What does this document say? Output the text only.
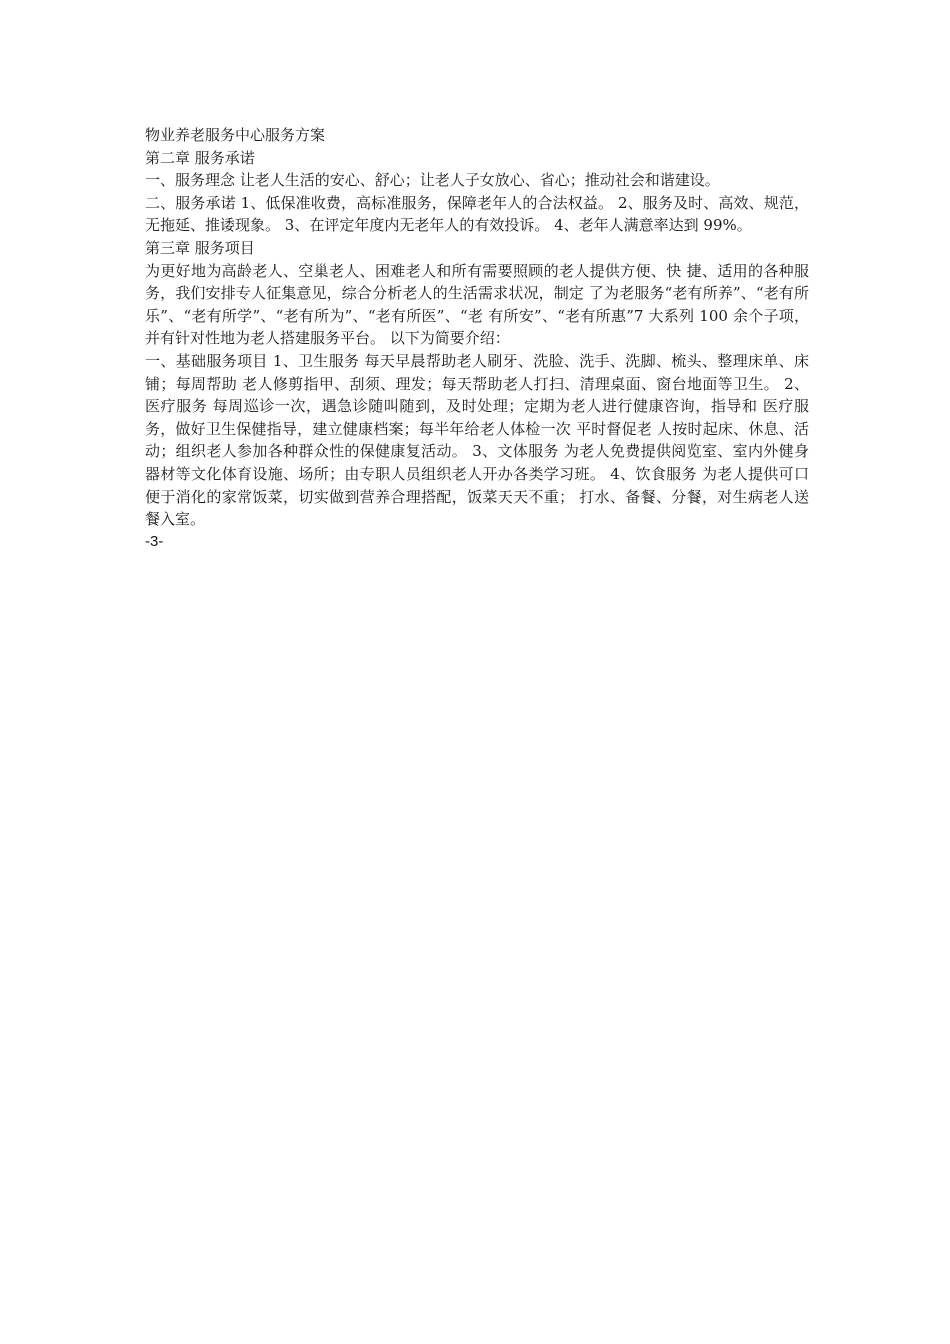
物业养老服务中心服务方案

第二章 服务承诺

一、服务理念 让老人生活的安心、舒心；让老人子女放心、省心；推动社会和谐建设。

二、服务承诺 1、低保准收费，高标准服务，保障老年人的合法权益。 2、服务及时、高效、规范，无拖延、推诿现象。 3、在评定年度内无老年人的有效投诉。 4、老年人满意率达到 99%。

第三章 服务项目

为更好地为高龄老人、空巢老人、困难老人和所有需要照顾的老人提供方便、快 捷、适用的各种服务，我们安排专人征集意见，综合分析老人的生活需求状况，制定 了为老服务“老有所养”、“老有所乐”、“老有所学”、“老有所为”、“老有所医”、“老 有所安”、“老有所惠”7 大系列 100 余个子项，并有针对性地为老人搭建服务平台。 以下为简要介绍：

一、基础服务项目 1、卫生服务 每天早晨帮助老人刷牙、洗脸、洗手、洗脚、梳头、整理床单、床铺；每周帮助 老人修剪指甲、刮须、理发；每天帮助老人打扫、清理桌面、窗台地面等卫生。 2、医疗服务 每周巡诊一次，遇急诊随叫随到，及时处理；定期为老人进行健康咨询，指导和 医疗服务，做好卫生保健指导，建立健康档案；每半年给老人体检一次 平时督促老 人按时起床、休息、活动；组织老人参加各种群众性的保健康复活动。 3、文体服务 为老人免费提供阅览室、室内外健身器材等文化体育设施、场所；由专职人员组织老人开办各类学习班。 4、饮食服务 为老人提供可口便于消化的家常饭菜，切实做到营养合理搭配，饭菜天天不重； 打水、备餐、分餐，对生病老人送餐入室。

-3-
